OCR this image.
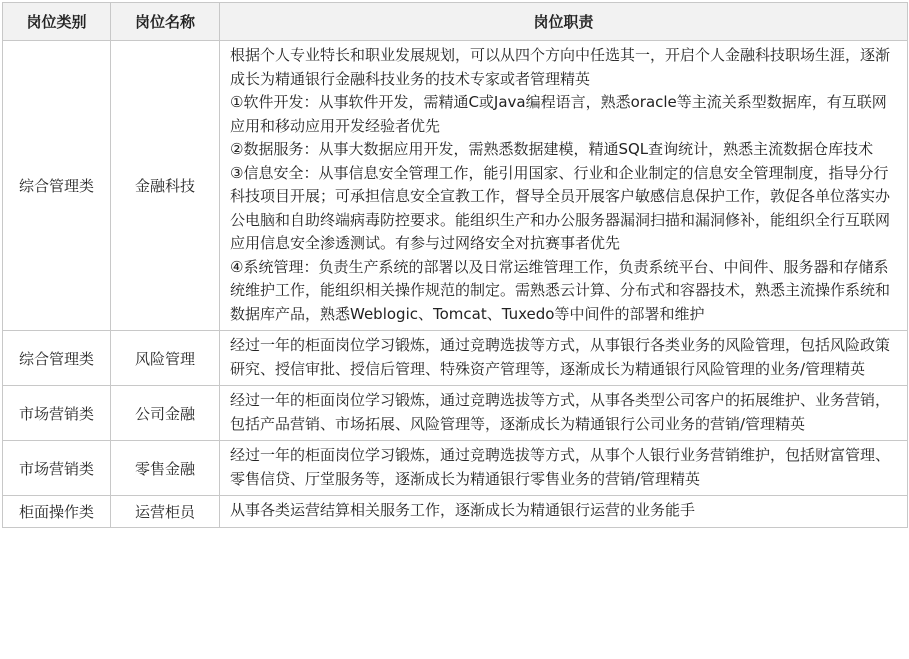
岗位类别	岗位名称	岗位职责
综合管理类	金融科技	根据个人专业特长和职业发展规划，可以从四个方向中任选其一，开启个人金融科技职场生涯，逐渐成长为精通银行金融科技业务的技术专家或者管理精英
①软件开发：从事软件开发，需精通C或Java编程语言，熟悉oracle等主流关系型数据库，有互联网应用和移动应用开发经验者优先
②数据服务：从事大数据应用开发，需熟悉数据建模，精通SQL查询统计，熟悉主流数据仓库技术
③信息安全：从事信息安全管理工作，能引用国家、行业和企业制定的信息安全管理制度，指导分行科技项目开展；可承担信息安全宣教工作，督导全员开展客户敏感信息保护工作，敦促各单位落实办公电脑和自助终端病毒防控要求。能组织生产和办公服务器漏洞扫描和漏洞修补，能组织全行互联网应用信息安全渗透测试。有参与过网络安全对抗赛事者优先
④系统管理：负责生产系统的部署以及日常运维管理工作，负责系统平台、中间件、服务器和存储系统维护工作，能组织相关操作规范的制定。需熟悉云计算、分布式和容器技术，熟悉主流操作系统和数据库产品，熟悉Weblogic、Tomcat、Tuxedo等中间件的部署和维护

综合管理类	风险管理	经过一年的柜面岗位学习锻炼，通过竞聘选拔等方式，从事银行各类业务的风险管理，包括风险政策研究、授信审批、授信后管理、特殊资产管理等，逐渐成长为精通银行风险管理的业务/管理精英

市场营销类	公司金融	经过一年的柜面岗位学习锻炼，通过竞聘选拔等方式，从事各类型公司客户的拓展维护、业务营销，包括产品营销、市场拓展、风险管理等，逐渐成长为精通银行公司业务的营销/管理精英

市场营销类	零售金融	经过一年的柜面岗位学习锻炼，通过竞聘选拔等方式，从事个人银行业务营销维护，包括财富管理、零售信贷、厅堂服务等，逐渐成长为精通银行零售业务的营销/管理精英

柜面操作类	运营柜员	从事各类运营结算相关服务工作，逐渐成长为精通银行运营的业务能手
